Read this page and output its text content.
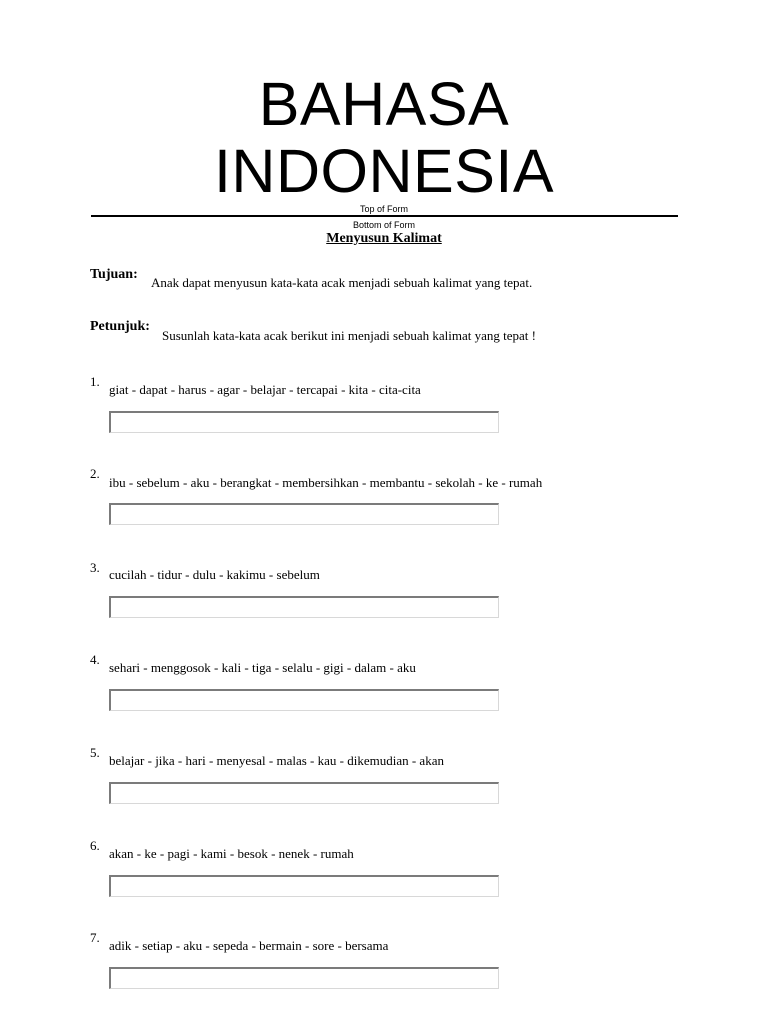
BAHASA
INDONESIA
Top of Form
Bottom of Form
Menyusun Kalimat
Tujuan:
Anak dapat menyusun kata-kata acak menjadi sebuah kalimat yang tepat.
Petunjuk:
Susunlah kata-kata acak berikut ini menjadi sebuah kalimat yang tepat !
1.
giat - dapat - harus - agar - belajar - tercapai - kita - cita-cita
2.
ibu - sebelum - aku - berangkat - membersihkan - membantu - sekolah - ke - rumah
3. cucilah - tidur - dulu - kakimu - sebelum
4.
sehari - menggosok - kali - tiga - selalu - gigi - dalam - aku
5.
belajar - jika - hari - menyesal - malas - kau - dikemudian - akan
6.
akan - ke - pagi - kami - besok - nenek - rumah
7.
adik - setiap - aku - sepeda - bermain - sore - bersama
